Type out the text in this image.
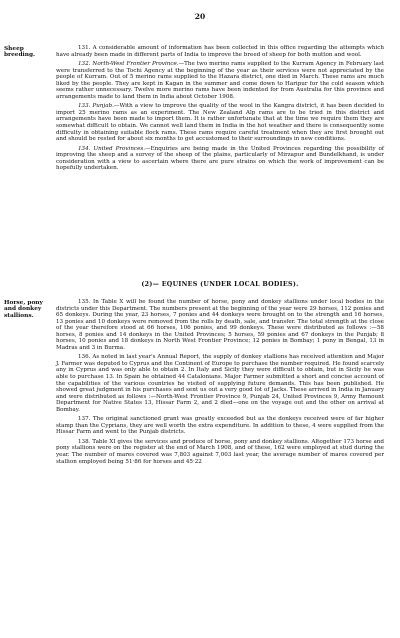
20
Sheep breeding.

131. A considerable amount of information has been collected in this office regarding the attempts which have already been made in different parts of India to improve the breed of sheep for both mutton and wool.

132. North-West Frontier Province.—The two merino rams supplied to the Kurram Agency in February last were transferred to the Tochi Agency at the beginning of the year as their services were not appreciated by the people of Kurram. Out of 5 merino rams supplied to the Hazara district, one died in March. These rams are much liked by the people. They are kept in Kagan in the summer and come down to Haripur for the cold season which seems rather unnecessary. Twelve more merino rams have been indented for from Australia for this province and arrangements made to land them in India about October 1908.

133. Punjab.—With a view to improve the quality of the wool in the Kangra district, it has been decided to import 25 merino rams as an experiment. The New Zealand Alp rams are to be tried in this district and arrangements have been made to import them. It is rather unfortunate that at the time we require them they are somewhat difficult to obtain. We cannot well land them in India in the hot weather and there is consequently some difficulty in obtaining suitable flock rams. These rams require careful treatment when they are first brought out and should be rested for about six months to get accustomed to their surroundings in new conditions.

134. United Provinces.—Enquiries are being made in the United Provinces regarding the possibility of improving the sheep and a survey of the sheep of the plains, particularly of Mirzapur and Bundelkhand, is under consideration with a view to ascertain where there are pure strains on which the work of improvement can be hopefully undertaken.

(2)— EQUINES (UNDER LOCAL BODIES).
Horse, pony and donkey stallions.

135. In Table X will be found the number of horse, pony and donkey stallions under local bodies in the districts under this Department. The numbers present at the beginning of the year were 29 horses, 112 ponies and 65 donkeys. During the year, 23 horses, 7 ponies and 44 donkeys were brought on to the strength and 16 horses, 13 ponies and 10 donkeys were removed from the rolls by death, sale, and transfer. The total strength at the close of the year therefore stood at 66 horses, 106 ponies, and 99 donkeys. These were distributed as follows :—58 horses, 8 ponies and 14 donkeys in the United Provinces; 5 horses, 59 ponies and 67 donkeys in the Punjab; 8 horses, 10 ponies and 18 donkeys in North West Frontier Province; 12 ponies in Bombay; 1 pony in Bengal, 13 in Madras and 3 in Burma.

136. As noted in last year's Annual Report, the supply of donkey stallions has received attention and Major J. Farmer was deputed to Cyprus and the Continent of Europe to purchase the number required. He found scarcely any in Cyprus and was only able to obtain 2. In Italy and Sicily they were difficult to obtain, but in Sicily he was able to purchase 13. In Spain he obtained 44 Catalonians. Major Farmer submitted a short and concise account of the capabilities of the various countries he visited of supplying future demands. This has been published. He showed great judgment in his purchases and sent us out a very good lot of Jacks. These arrived in India in January and were distributed as follows :—North-West Frontier Province 9, Punjab 24, United Provinces 9, Army Remount Department for Native States 13, Hissar Farm 2, and 2 died—one on the voyage out and the other on arrival at Bombay.

137. The original sanctioned grant was greatly exceeded but as the donkeys received were of far higher stamp than the Cyprians, they are well worth the extra expenditure. In addition to these, 4 were supplied from the Hissar Farm and went to the Punjab districts.

138. Table XI gives the services and produce of horse, pony and donkey stallions. Altogether 173 horse and pony stallions were on the register at the end of March 1908, and of these, 162 were employed at stud during the year. The number of mares covered was 7,803 against 7,003 last year, the average number of mares covered per stallion employed being 51·86 for horses and 45·22
